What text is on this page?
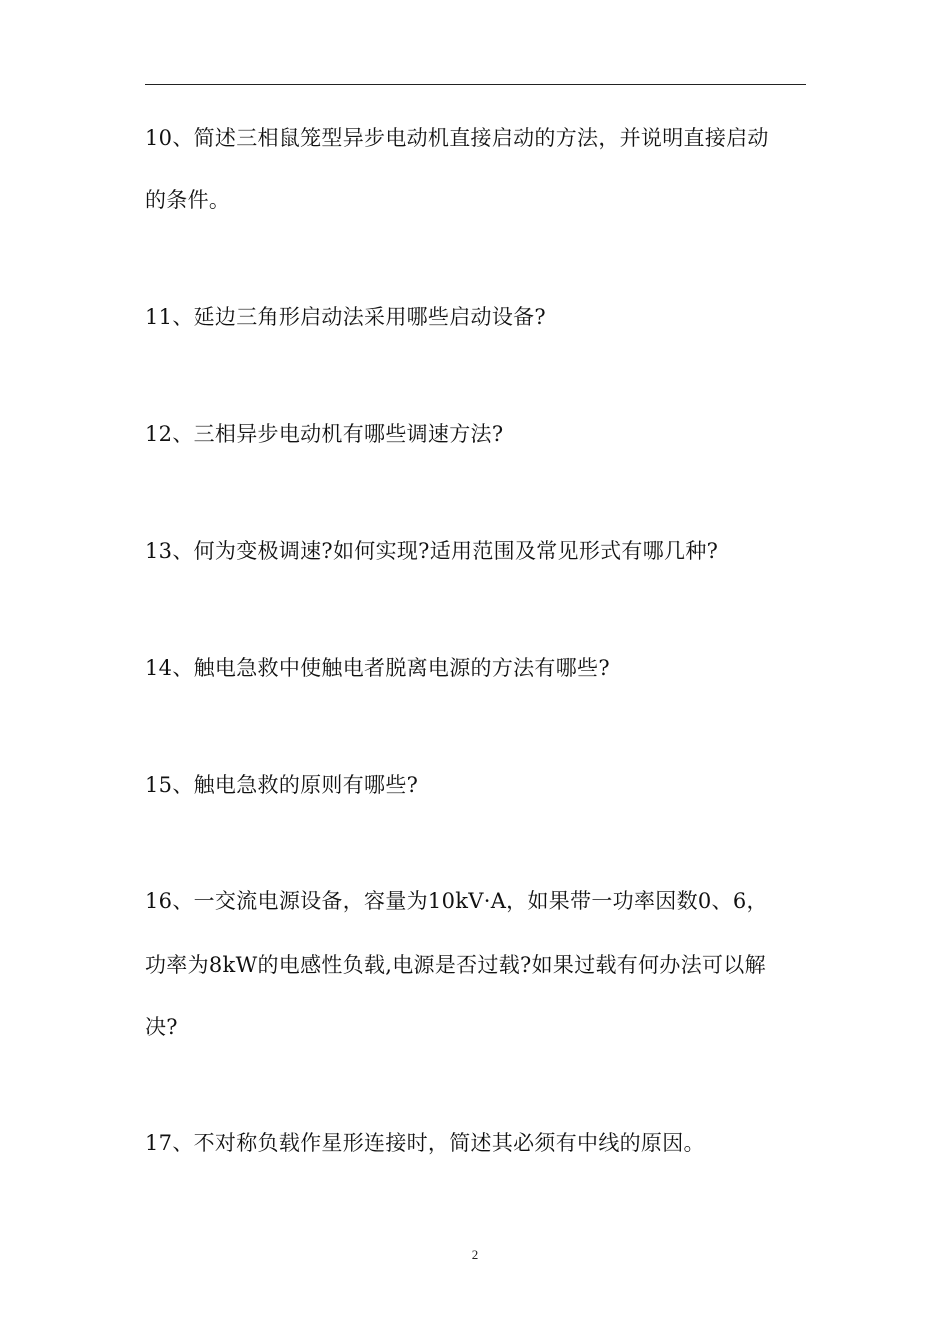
10、简述三相鼠笼型异步电动机直接启动的方法，并说明直接启动
的条件。
11、延边三角形启动法采用哪些启动设备?
12、三相异步电动机有哪些调速方法?
13、何为变极调速?如何实现?适用范围及常见形式有哪几种?
14、触电急救中使触电者脱离电源的方法有哪些?
15、触电急救的原则有哪些?
16、一交流电源设备，容量为10kV·A，如果带一功率因数0、6，
功率为8kW的电感性负载,电源是否过载?如果过载有何办法可以解
决?
17、不对称负载作星形连接时，简述其必须有中线的原因。
2
